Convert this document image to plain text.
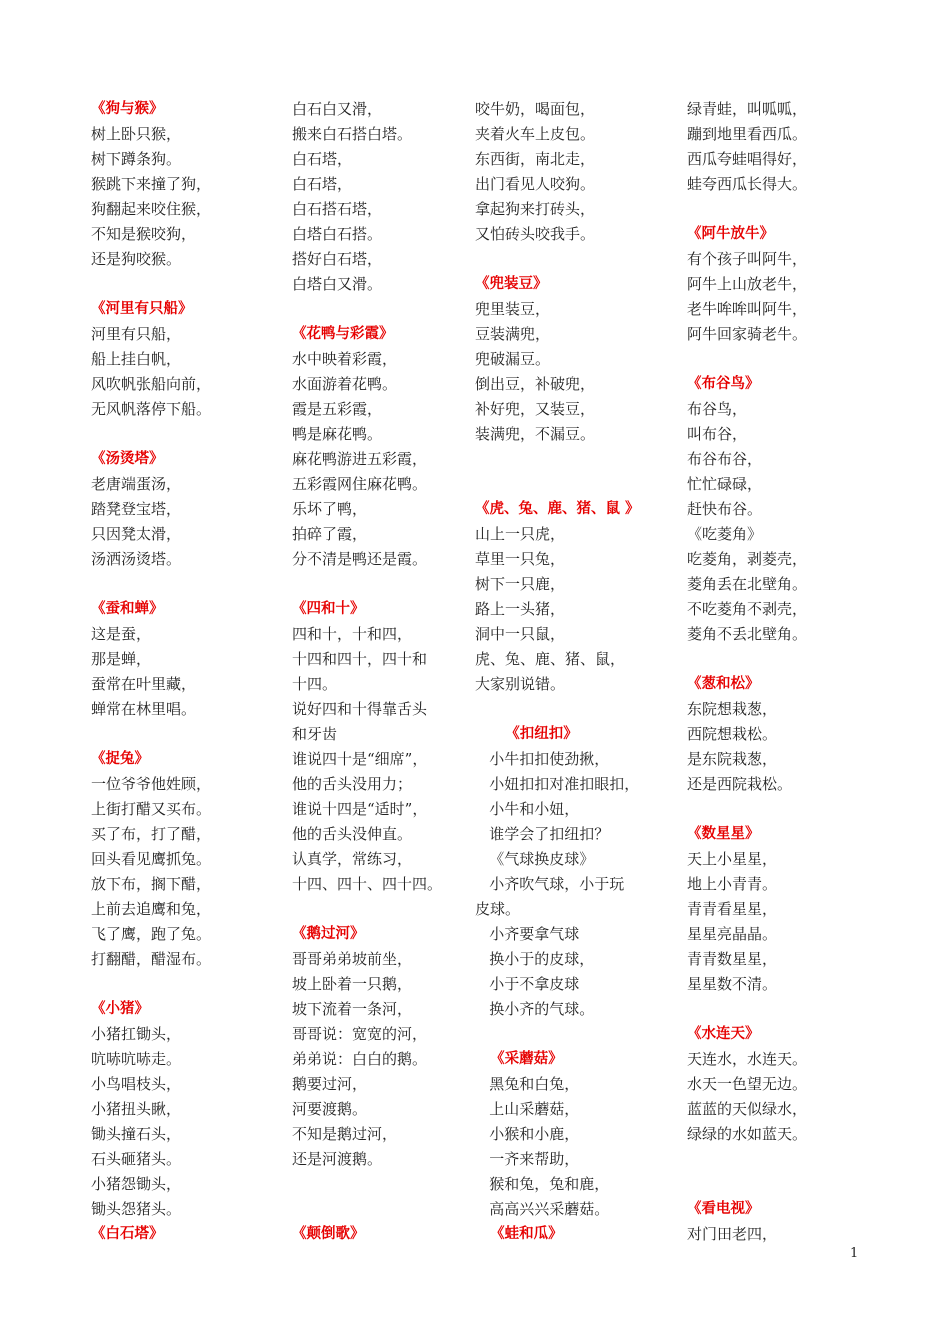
《狗与猴》
树上卧只猴，
树下蹲条狗。
猴跳下来撞了狗，
狗翻起来咬住猴，
不知是猴咬狗，
还是狗咬猴。
《河里有只船》
河里有只船，
船上挂白帆，
风吹帆张船向前，
无风帆落停下船。
《汤烫塔》
老唐端蛋汤，
踏凳登宝塔，
只因凳太滑，
汤洒汤烫塔。
《蚕和蝉》
这是蚕，
那是蝉，
蚕常在叶里藏，
蝉常在林里唱。
《捉兔》
一位爷爷他姓顾，
上街打醋又买布。
买了布，打了醋，
回头看见鹰抓兔。
放下布，搁下醋，
上前去追鹰和兔，
飞了鹰，跑了兔。
打翻醋，醋湿布。
《小猪》
小猪扛锄头，
吭哧吭哧走。
小鸟唱枝头，
小猪扭头瞅，
锄头撞石头，
石头砸猪头。
小猪怨锄头，
锄头怨猪头。
《白石塔》
白石白又滑，
搬来白石搭白塔。
白石塔，
白石塔，
白石搭石塔，
白塔白石搭。
搭好白石塔，
白塔白又滑。
《花鸭与彩霞》
水中映着彩霞，
水面游着花鸭。
霞是五彩霞，
鸭是麻花鸭。
麻花鸭游进五彩霞，
五彩霞网住麻花鸭。
乐坏了鸭，
拍碎了霞，
分不清是鸭还是霞。
《四和十》
四和十，十和四，
十四和四十，四十和
十四。
说好四和十得靠舌头
和牙齿
谁说四十是“细席”，
他的舌头没用力；
谁说十四是“适时”，
他的舌头没伸直。
认真学，常练习，
十四、四十、四十四。
《鹅过河》
哥哥弟弟坡前坐，
坡上卧着一只鹅，
坡下流着一条河，
哥哥说：宽宽的河，
弟弟说：白白的鹅。
鹅要过河，
河要渡鹅。
不知是鹅过河，
还是河渡鹅。
《颠倒歌》
咬牛奶，喝面包，
夹着火车上皮包。
东西街，南北走，
出门看见人咬狗。
拿起狗来打砖头，
又怕砖头咬我手。
《兜装豆》
兜里装豆，
豆装满兜，
兜破漏豆。
倒出豆，补破兜，
补好兜，又装豆，
装满兜，不漏豆。
《虎、兔、鹿、猪、鼠 》
山上一只虎，
草里一只兔，
树下一只鹿，
路上一头猪，
洞中一只鼠，
虎、兔、鹿、猪、鼠，
大家别说错。
《扣纽扣》
小牛扣扣使劲揪，
小妞扣扣对准扣眼扣，
小牛和小妞，
谁学会了扣纽扣？
《气球换皮球》
小齐吹气球，小于玩
皮球。
小齐要拿气球
换小于的皮球，
小于不拿皮球
换小齐的气球。
《采蘑菇》
黑兔和白兔，
上山采蘑菇，
小猴和小鹿，
一齐来帮助，
猴和兔，兔和鹿，
高高兴兴采蘑菇。
《蛙和瓜》
绿青蛙，叫呱呱，
蹦到地里看西瓜。
西瓜夸蛙唱得好，
蛙夸西瓜长得大。
《阿牛放牛》
有个孩子叫阿牛，
阿牛上山放老牛，
老牛哞哞叫阿牛，
阿牛回家骑老牛。
《布谷鸟》
布谷鸟，
叫布谷，
布谷布谷，
忙忙碌碌，
赶快布谷。
《吃菱角》
吃菱角，剥菱壳，
菱角丢在北壁角。
不吃菱角不剥壳，
菱角不丢北壁角。
《葱和松》
东院想栽葱，
西院想栽松。
是东院栽葱，
还是西院栽松。
《数星星》
天上小星星，
地上小青青。
青青看星星，
星星亮晶晶。
青青数星星，
星星数不清。
《水连天》
天连水，水连天。
水天一色望无边。
蓝蓝的天似绿水，
绿绿的水如蓝天。
《看电视》
对门田老四，
1
